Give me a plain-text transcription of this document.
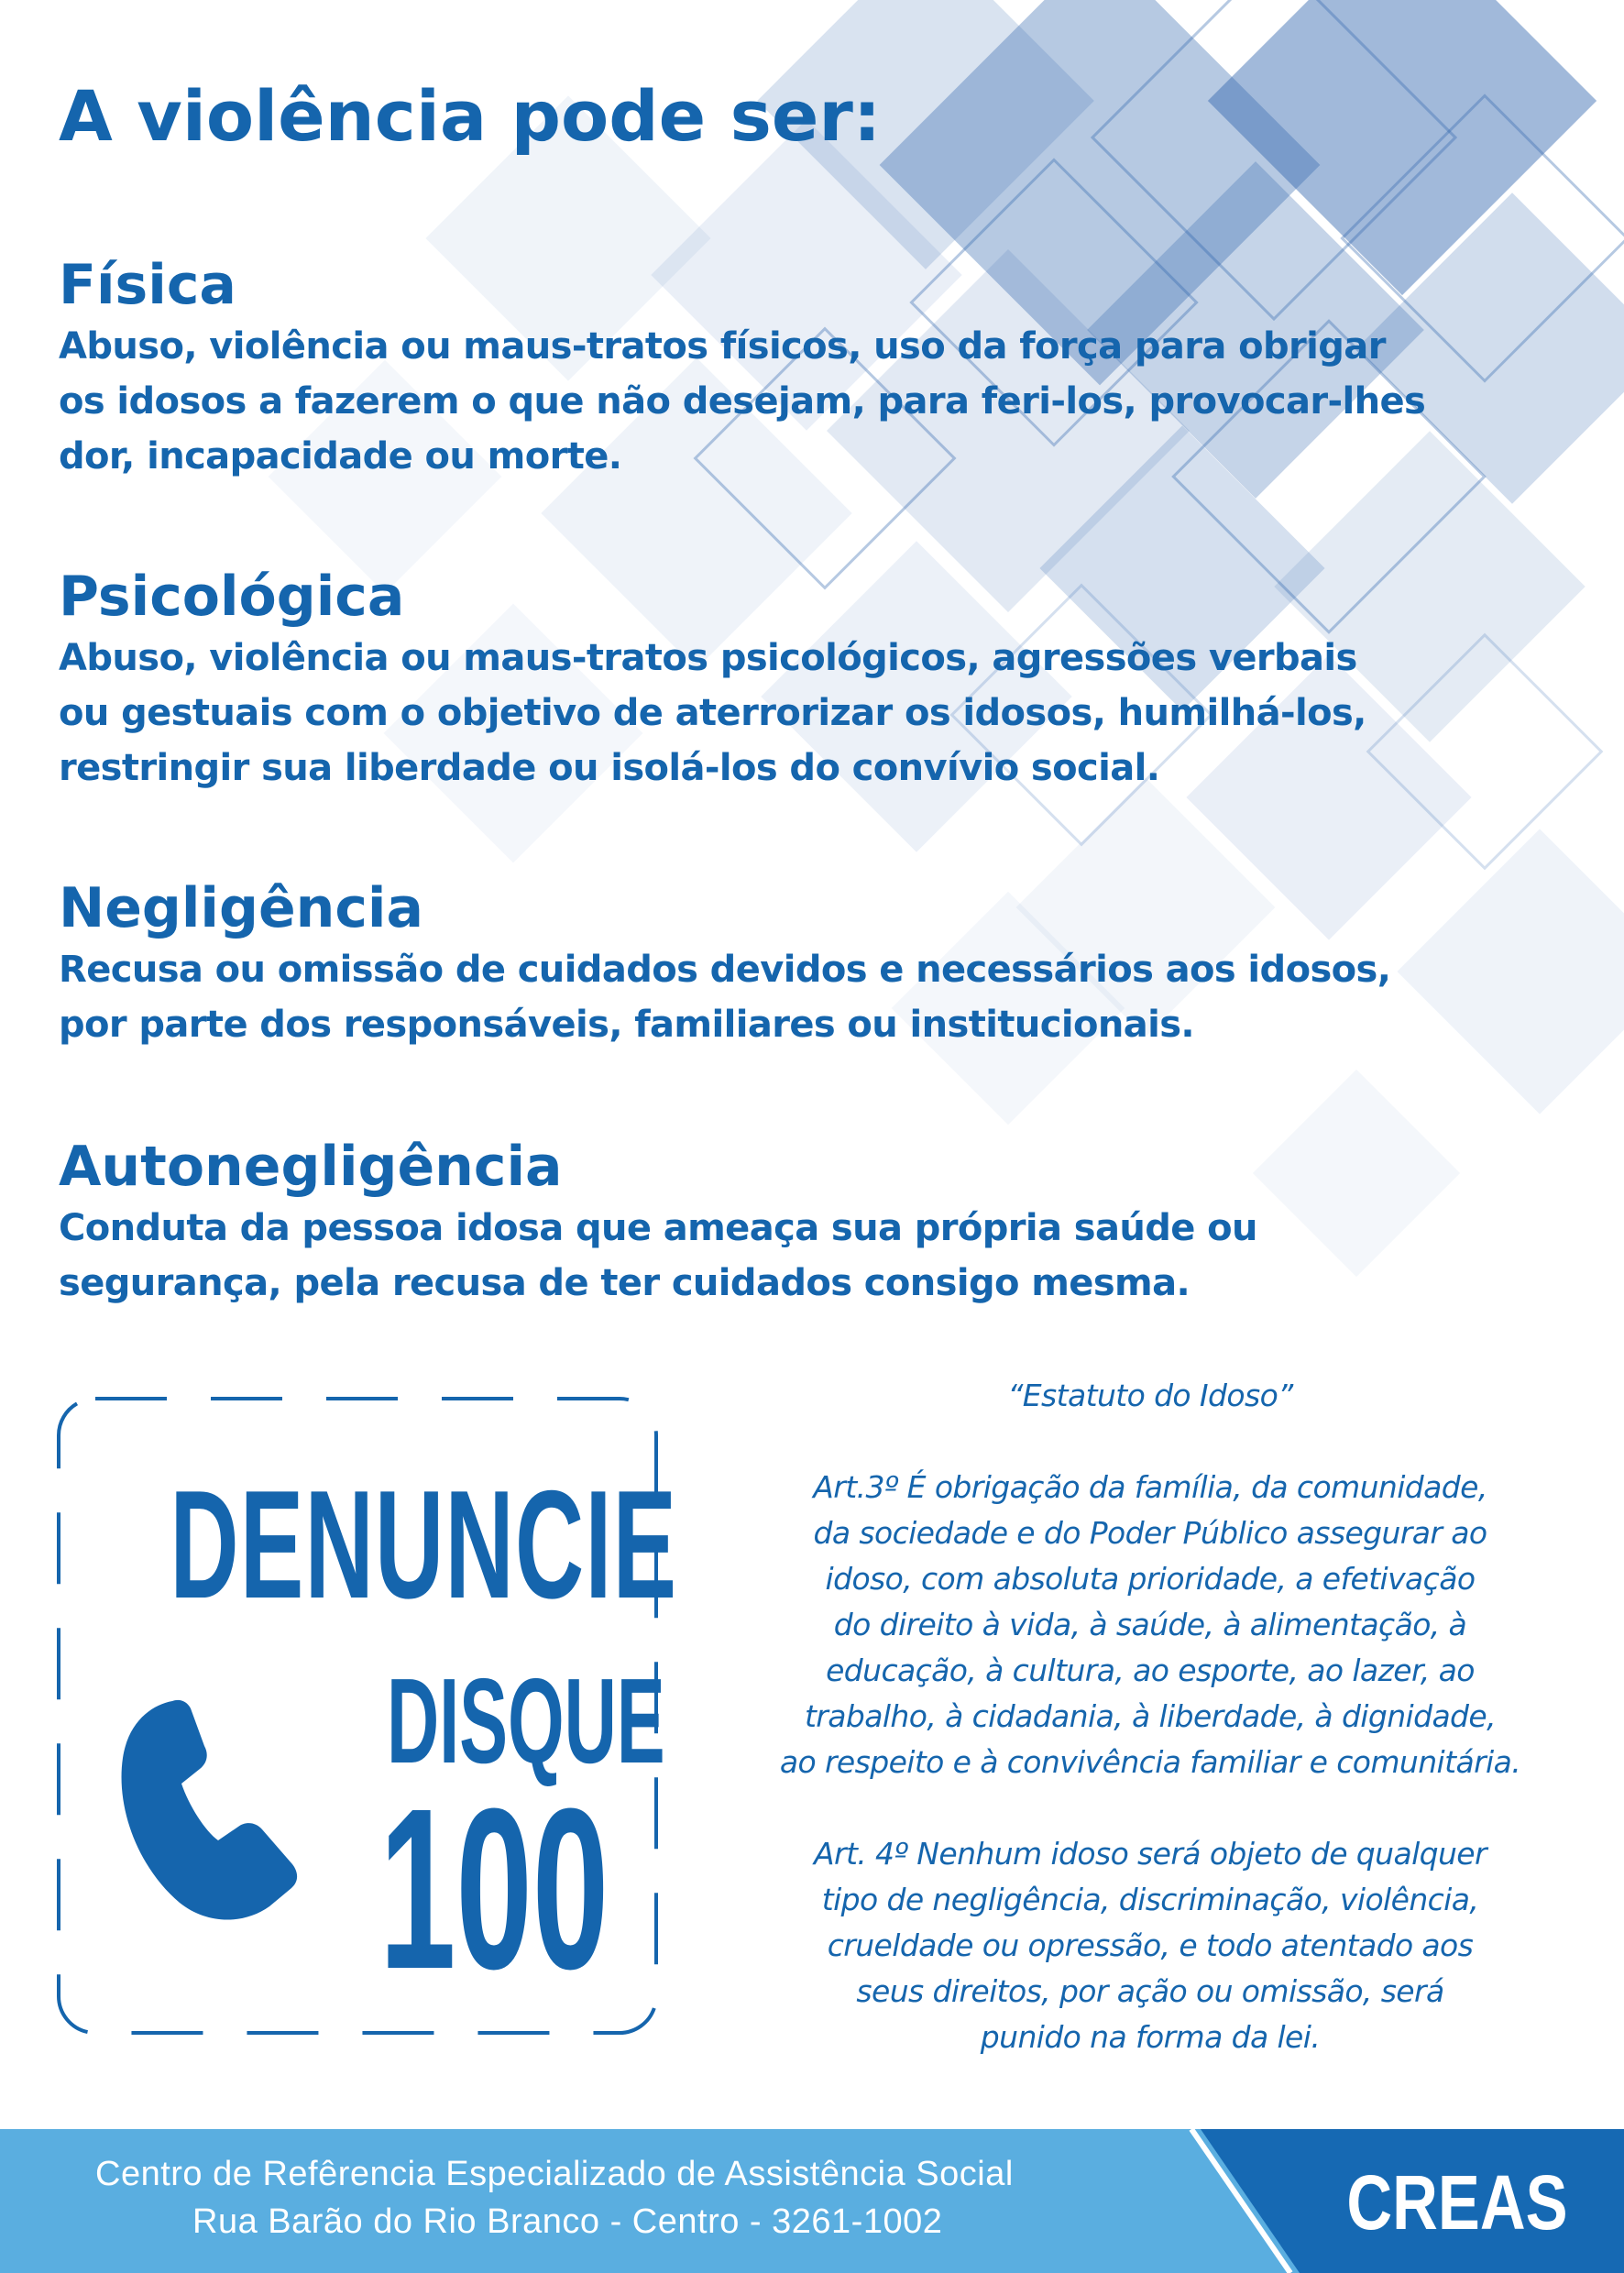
A violência pode ser:
Física

Abuso, violência ou maus-tratos físicos, uso da força para obrigar

os idosos a fazerem o que não desejam, para feri-los, provocar-lhes

dor, incapacidade ou morte.

Psicológica

Abuso, violência ou maus-tratos psicológicos, agressões verbais

ou gestuais com o objetivo de aterrorizar os idosos, humilhá-los,

restringir sua liberdade ou isolá-los do convívio social.

Negligência

Recusa ou omissão de cuidados devidos e necessários aos idosos,

por parte dos responsáveis, familiares ou institucionais.

Autonegligência

Conduta da pessoa idosa que ameaça sua própria saúde ou

segurança, pela recusa de ter cuidados consigo mesma.

DENUNCIE
DISQUE
100

“Estatuto do Idoso”

Art.3º É obrigação da família, da comunidade,
da sociedade e do Poder Público assegurar ao
idoso, com absoluta prioridade, a efetivação
do direito à vida, à saúde, à alimentação, à
educação, à cultura, ao esporte, ao lazer, ao
trabalho, à cidadania, à liberdade, à dignidade,
ao respeito e à convivência familiar e comunitária.

Art. 4º Nenhum idoso será objeto de qualquer
tipo de negligência, discriminação, violência,
crueldade ou opressão, e todo atentado aos
seus direitos, por ação ou omissão, será
punido na forma da lei.

Centro de Refêrencia Especializado de Assistência Social
Rua Barão do Rio Branco - Centro - 3261-1002	CREAS
